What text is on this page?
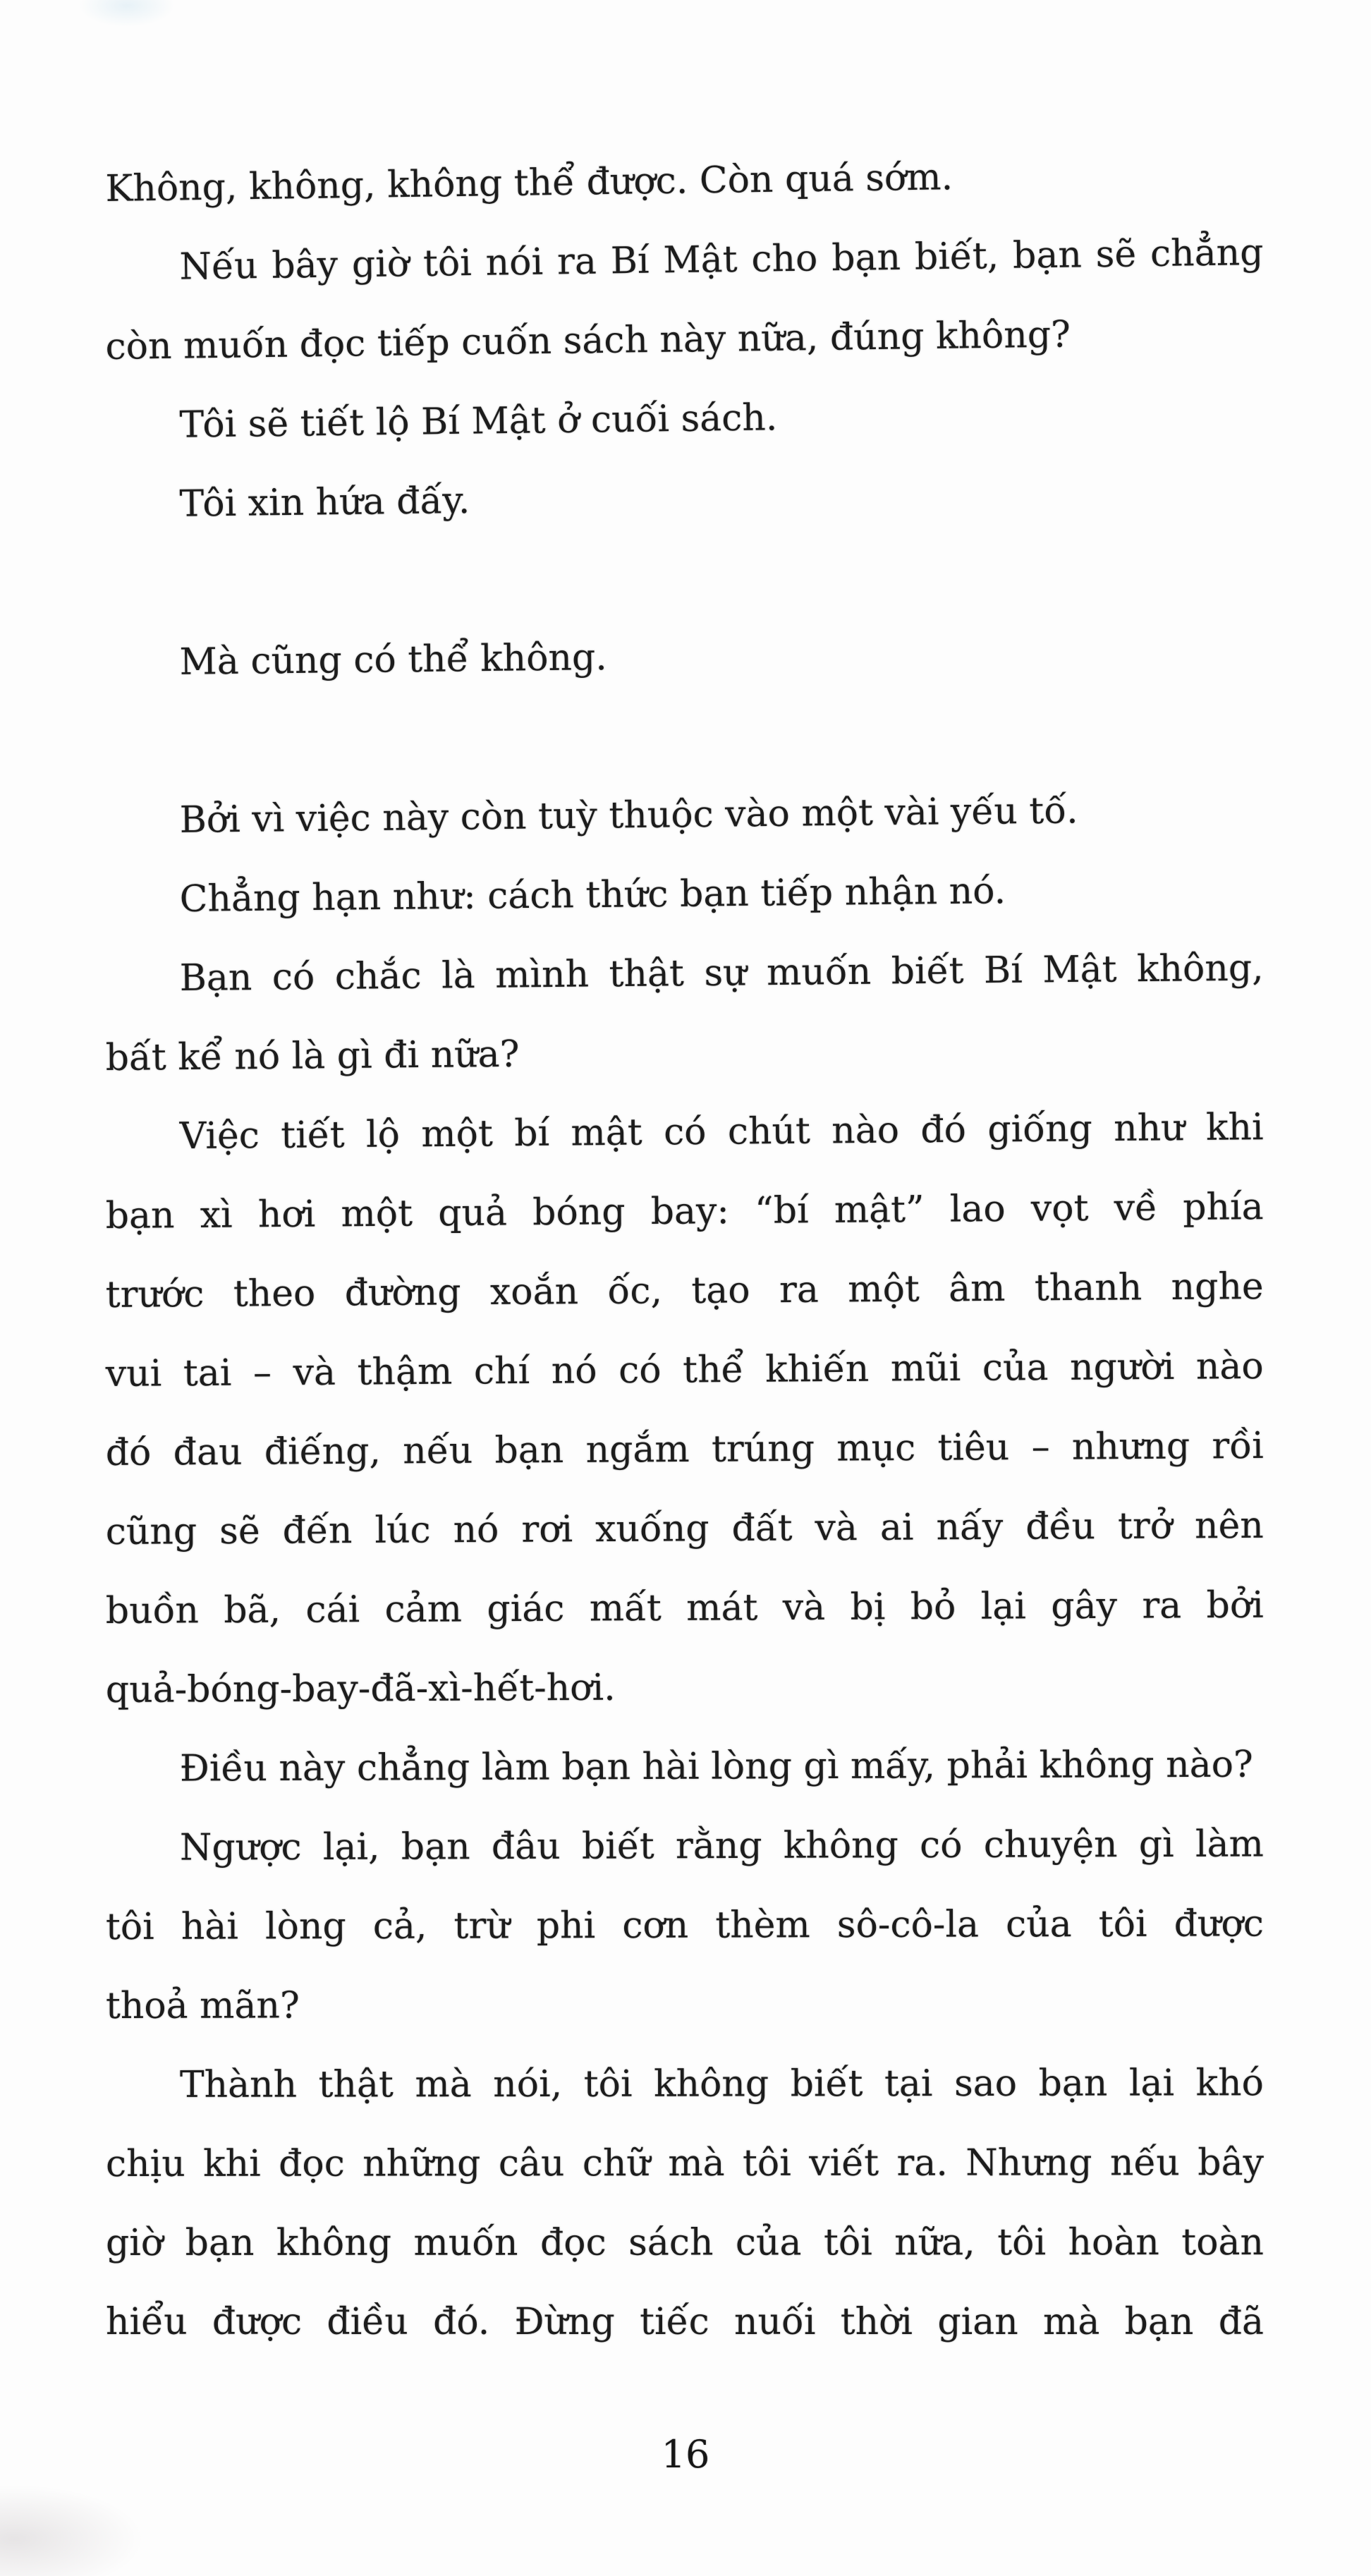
Không, không, không thể được. Còn quá sớm.

Nếu bây giờ tôi nói ra Bí Mật cho bạn biết, bạn sẽ chẳng

còn muốn đọc tiếp cuốn sách này nữa, đúng không?

Tôi sẽ tiết lộ Bí Mật ở cuối sách.

Tôi xin hứa đấy.

Mà cũng có thể không.

Bởi vì việc này còn tuỳ thuộc vào một vài yếu tố.

Chẳng hạn như: cách thức bạn tiếp nhận nó.

Bạn có chắc là mình thật sự muốn biết Bí Mật không,

bất kể nó là gì đi nữa?

Việc tiết lộ một bí mật có chút nào đó giống như khi

bạn xì hơi một quả bóng bay: “bí mật” lao vọt về phía

trước theo đường xoắn ốc, tạo ra một âm thanh nghe

vui tai – và thậm chí nó có thể khiến mũi của người nào

đó đau điếng, nếu bạn ngắm trúng mục tiêu – nhưng rồi

cũng sẽ đến lúc nó rơi xuống đất và ai nấy đều trở nên

buồn bã, cái cảm giác mất mát và bị bỏ lại gây ra bởi

quả-bóng-bay-đã-xì-hết-hơi.

Điều này chẳng làm bạn hài lòng gì mấy, phải không nào?

Ngược lại, bạn đâu biết rằng không có chuyện gì làm

tôi hài lòng cả, trừ phi cơn thèm sô-cô-la của tôi được

thoả mãn?

Thành thật mà nói, tôi không biết tại sao bạn lại khó

chịu khi đọc những câu chữ mà tôi viết ra. Nhưng nếu bây

giờ bạn không muốn đọc sách của tôi nữa, tôi hoàn toàn

hiểu được điều đó. Đừng tiếc nuối thời gian mà bạn đã

16
